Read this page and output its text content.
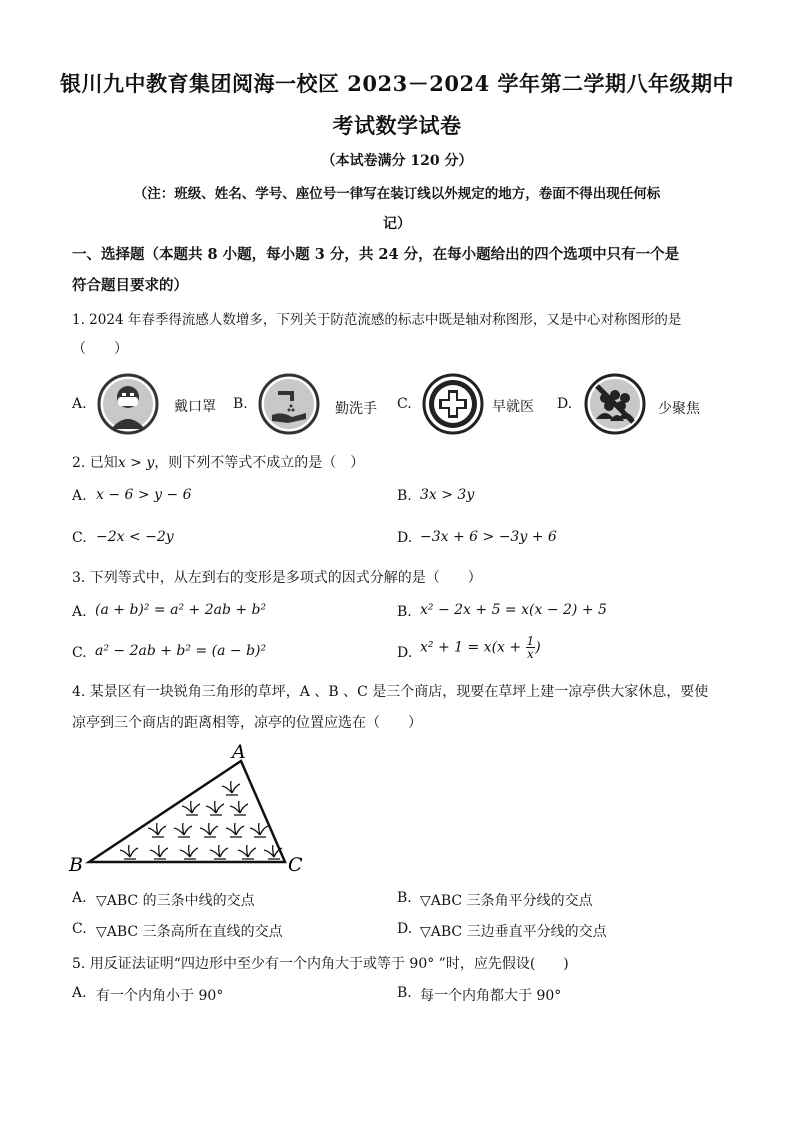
银川九中教育集团阅海一校区 2023－2024 学年第二学期八年级期中
考试数学试卷
（本试卷满分 120 分）
（注：班级、姓名、学号、座位号一律写在装订线以外规定的地方，卷面不得出现任何标
记）
一、选择题（本题共 8 小题，每小题 3 分，共 24 分，在每小题给出的四个选项中只有一个是
符合题目要求的）
1. 2024 年春季得流感人数增多，下列关于防范流感的标志中既是轴对称图形，又是中心对称图形的是
（　　）
A.	戴口罩 B.	勤洗手 C.	早就医 D.	少聚焦
2. 已知x > y，则下列不等式不成立的是（　）
A. x − 6 > y − 6	B. 3x > 3y
C. −2x < −2y	D. −3x + 6 > −3y + 6
3. 下列等式中，从左到右的变形是多项式的因式分解的是（　　）
A. (a + b)² = a² + 2ab + b²	B. x² − 2x + 5 = x(x − 2) + 5
C. a² − 2ab + b² = (a − b)²	D. $x^2 + 1 = x(x + \frac{1}{x}$ )
4. 某景区有一块锐角三角形的草坪，A 、B 、C 是三个商店，现要在草坪上建一凉亭供大家休息，要使
凉亭到三个商店的距离相等，凉亭的位置应选在（　　）
A
B	C
A. ▽ABC 的三条中线的交点	B. ▽ABC 三条角平分线的交点
C. ▽ABC 三条高所在直线的交点	D. ▽ABC 三边垂直平分线的交点
5. 用反证法证明“四边形中至少有一个内角大于或等于 90° ”时，应先假设(　　)
A. 有一个内角小于 90°	B. 每一个内角都大于 90°
